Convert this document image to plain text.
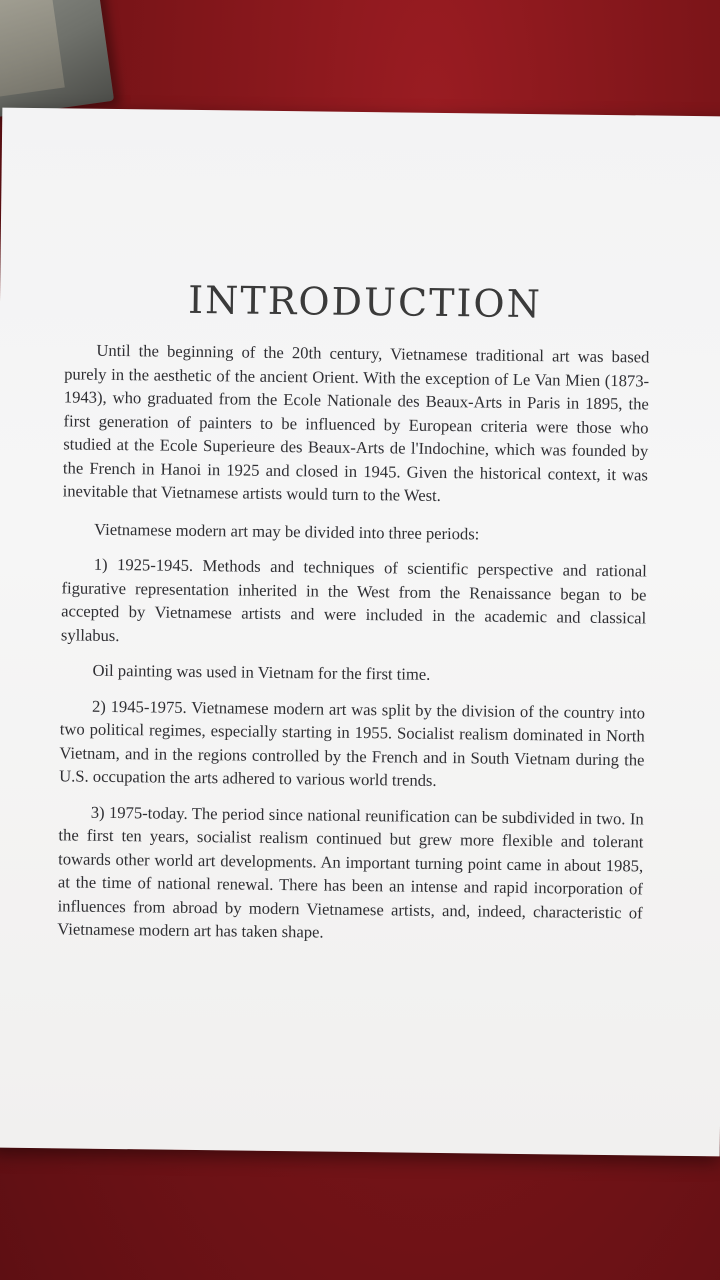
INTRODUCTION

Until the beginning of the 20th century, Vietnamese traditional art was based purely in the aesthetic of the ancient Orient. With the exception of Le Van Mien (1873-1943), who graduated from the Ecole Nationale des Beaux-Arts in Paris in 1895, the first generation of painters to be influenced by European criteria were those who studied at the Ecole Superieure des Beaux-Arts de l'Indochine, which was founded by the French in Hanoi in 1925 and closed in 1945. Given the historical context, it was inevitable that Vietnamese artists would turn to the West.

Vietnamese modern art may be divided into three periods:

1) 1925-1945. Methods and techniques of scientific perspective and rational figurative representation inherited in the West from the Renaissance began to be accepted by Vietnamese artists and were included in the academic and classical syllabus.

Oil painting was used in Vietnam for the first time.

2) 1945-1975. Vietnamese modern art was split by the division of the country into two political regimes, especially starting in 1955. Socialist realism dominated in North Vietnam, and in the regions controlled by the French and in South Vietnam during the U.S. occupation the arts adhered to various world trends.

3) 1975-today. The period since national reunification can be subdivided in two. In the first ten years, socialist realism continued but grew more flexible and tolerant towards other world art developments. An important turning point came in about 1985, at the time of national renewal. There has been an intense and rapid incorporation of influences from abroad by modern Vietnamese artists, and, indeed, characteristic of Vietnamese modern art has taken shape.
